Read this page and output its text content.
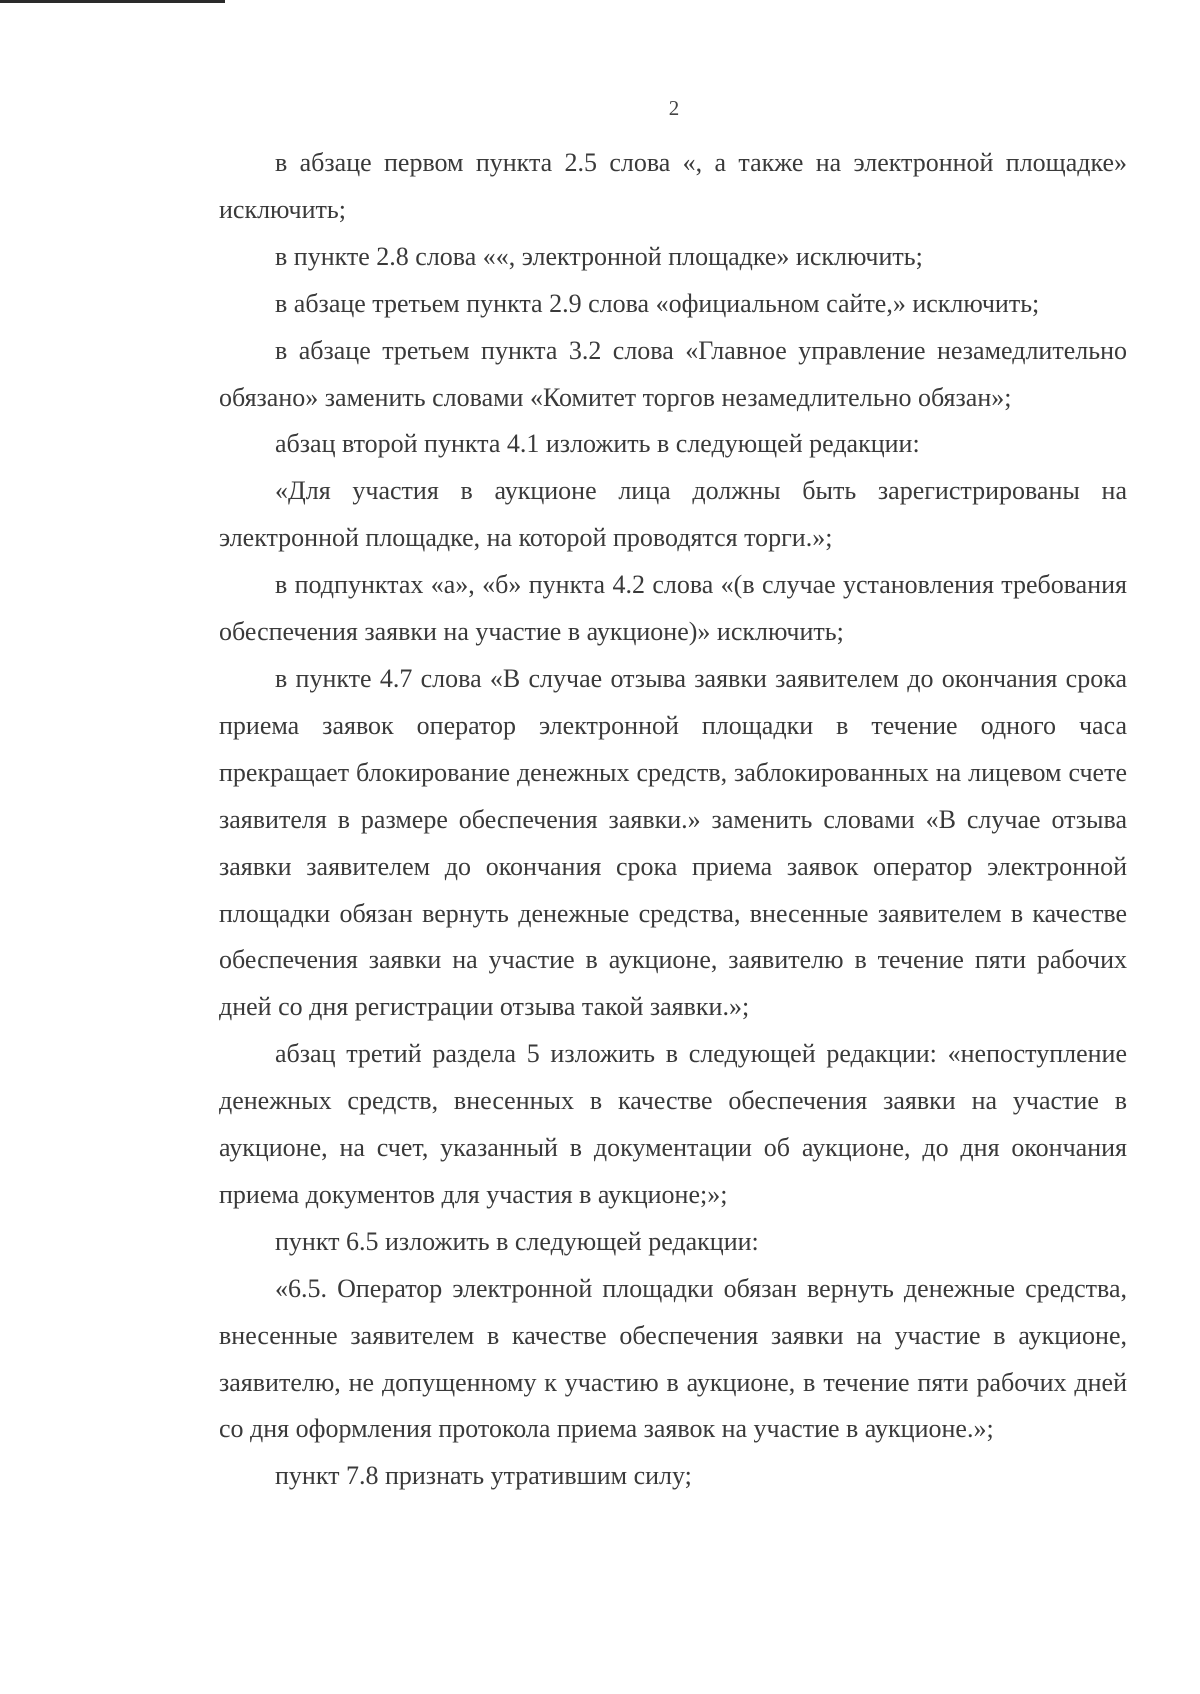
2

в абзаце первом пункта 2.5 слова «, а также на электронной площадке» исключить;

в пункте 2.8 слова ««, электронной площадке» исключить;

в абзаце третьем пункта 2.9 слова «официальном сайте,» исключить;

в абзаце третьем пункта 3.2 слова «Главное управление незамедлительно обязано» заменить словами «Комитет торгов незамедлительно обязан»;

абзац второй пункта 4.1 изложить в следующей редакции:

«Для участия в аукционе лица должны быть зарегистрированы на электронной площадке, на которой проводятся торги.»;

в подпунктах «а», «б» пункта 4.2 слова «(в случае установления требования обеспечения заявки на участие в аукционе)» исключить;

в пункте 4.7 слова «В случае отзыва заявки заявителем до окончания срока приема заявок оператор электронной площадки в течение одного часа прекращает блокирование денежных средств, заблокированных на лицевом счете заявителя в размере обеспечения заявки.» заменить словами «В случае отзыва заявки заявителем до окончания срока приема заявок оператор электронной площадки обязан вернуть денежные средства, внесенные заявителем в качестве обеспечения заявки на участие в аукционе, заявителю в течение пяти рабочих дней со дня регистрации отзыва такой заявки.»;

абзац третий раздела 5 изложить в следующей редакции: «непоступление денежных средств, внесенных в качестве обеспечения заявки на участие в аукционе, на счет, указанный в документации об аукционе, до дня окончания приема документов для участия в аукционе;»;

пункт 6.5 изложить в следующей редакции:

«6.5. Оператор электронной площадки обязан вернуть денежные средства, внесенные заявителем в качестве обеспечения заявки на участие в аукционе, заявителю, не допущенному к участию в аукционе, в течение пяти рабочих дней со дня оформления протокола приема заявок на участие в аукционе.»;

пункт 7.8 признать утратившим силу;
